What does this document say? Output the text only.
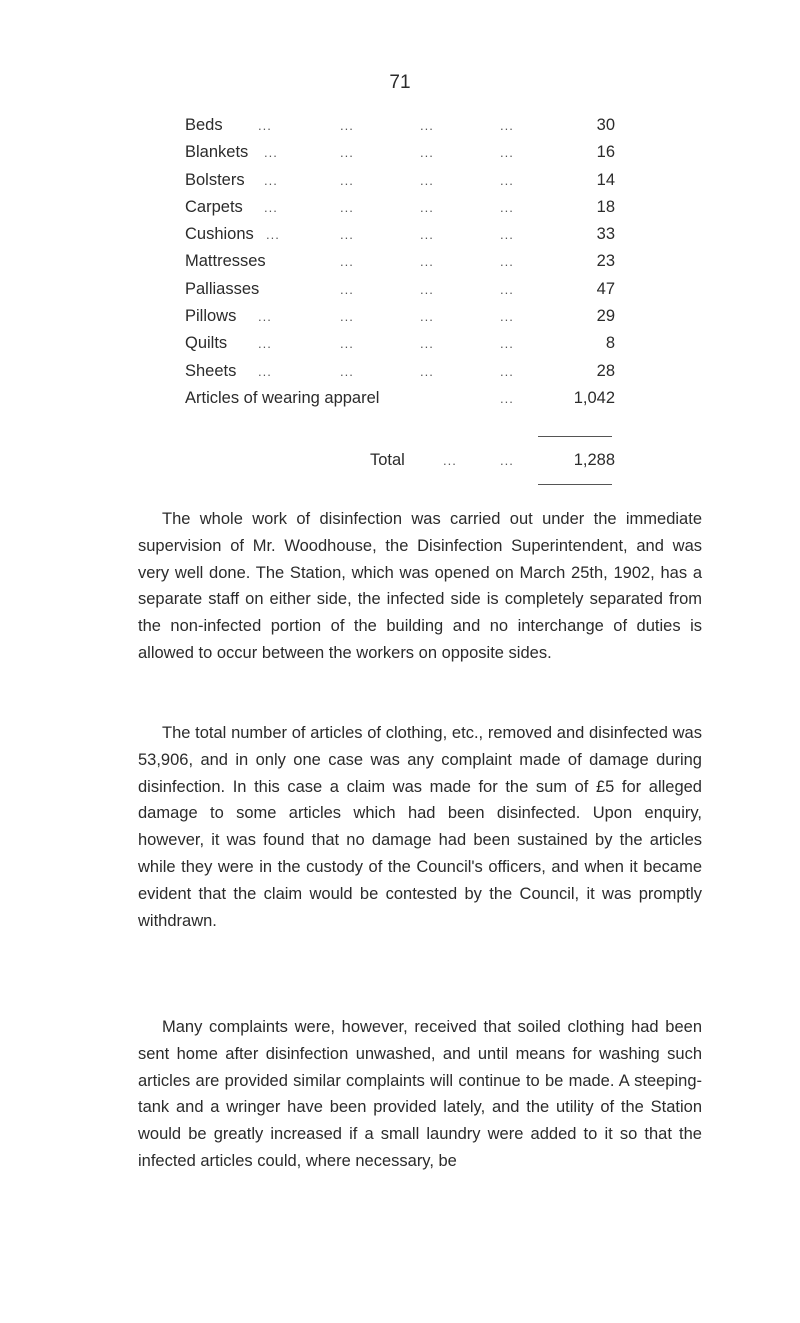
71
Beds	...	...	...	...	30
Blankets ...	...	...	...	16
Bolsters ...	...	...	...	14
Carpets ...	...	...	...	18
Cushions ...	...	...	...	33
Mattresses	...	...	...	23
Palliasses	...	...	...	47
Pillows ...	...	...	...	29
Quilts ...	...	...	...	8
Sheets ...	...	...	...	28
Articles of wearing apparel	...	1,042
Total	...	...	1,288

The whole work of disinfection was carried out under the immediate supervision of Mr. Woodhouse, the Disinfection Superintendent, and was very well done. The Station, which was opened on March 25th, 1902, has a separate staff on either side, the infected side is completely separated from the non-infected portion of the building and no interchange of duties is allowed to occur between the workers on opposite sides.

The total number of articles of clothing, etc., removed and disinfected was 53,906, and in only one case was any complaint made of damage during disinfection. In this case a claim was made for the sum of £5 for alleged damage to some articles which had been disinfected. Upon enquiry, however, it was found that no damage had been sustained by the articles while they were in the custody of the Council's officers, and when it became evident that the claim would be contested by the Council, it was promptly withdrawn.

Many complaints were, however, received that soiled clothing had been sent home after disinfection unwashed, and until means for washing such articles are provided similar complaints will continue to be made. A steeping-tank and a wringer have been provided lately, and the utility of the Station would be greatly increased if a small laundry were added to it so that the infected articles could, where necessary, be
